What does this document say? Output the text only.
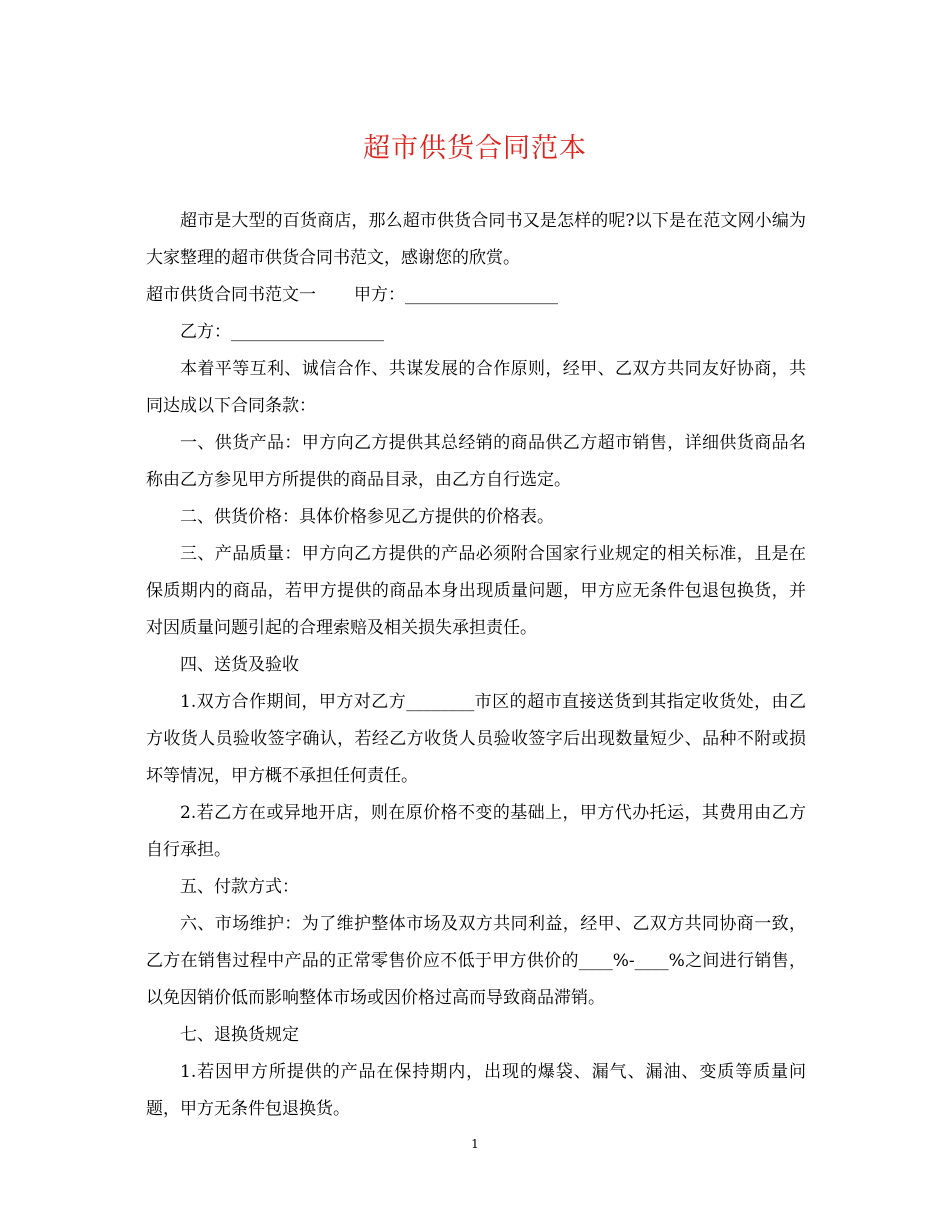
超市供货合同范本

超市是大型的百货商店，那么超市供货合同书又是怎样的呢?以下是在范文网小编为大家整理的超市供货合同书范文，感谢您的欣赏。

超市供货合同书范文一 甲方：__________________

乙方：__________________

本着平等互利、诚信合作、共谋发展的合作原则，经甲、乙双方共同友好协商，共同达成以下合同条款：

一、供货产品：甲方向乙方提供其总经销的商品供乙方超市销售，详细供货商品名称由乙方参见甲方所提供的商品目录，由乙方自行选定。

二、供货价格：具体价格参见乙方提供的价格表。

三、产品质量：甲方向乙方提供的产品必须附合国家行业规定的相关标准，且是在保质期内的商品，若甲方提供的商品本身出现质量问题，甲方应无条件包退包换货，并对因质量问题引起的合理索赔及相关损失承担责任。

四、送货及验收

1.双方合作期间，甲方对乙方________市区的超市直接送货到其指定收货处，由乙方收货人员验收签字确认，若经乙方收货人员验收签字后出现数量短少、品种不附或损坏等情况，甲方概不承担任何责任。

2.若乙方在或异地开店，则在原价格不变的基础上，甲方代办托运，其费用由乙方自行承担。

五、付款方式：

六、市场维护：为了维护整体市场及双方共同利益，经甲、乙双方共同协商一致，乙方在销售过程中产品的正常零售价应不低于甲方供价的____%-____%之间进行销售，以免因销价低而影响整体市场或因价格过高而导致商品滞销。

七、退换货规定

1.若因甲方所提供的产品在保持期内，出现的爆袋、漏气、漏油、变质等质量问题，甲方无条件包退换货。

1
